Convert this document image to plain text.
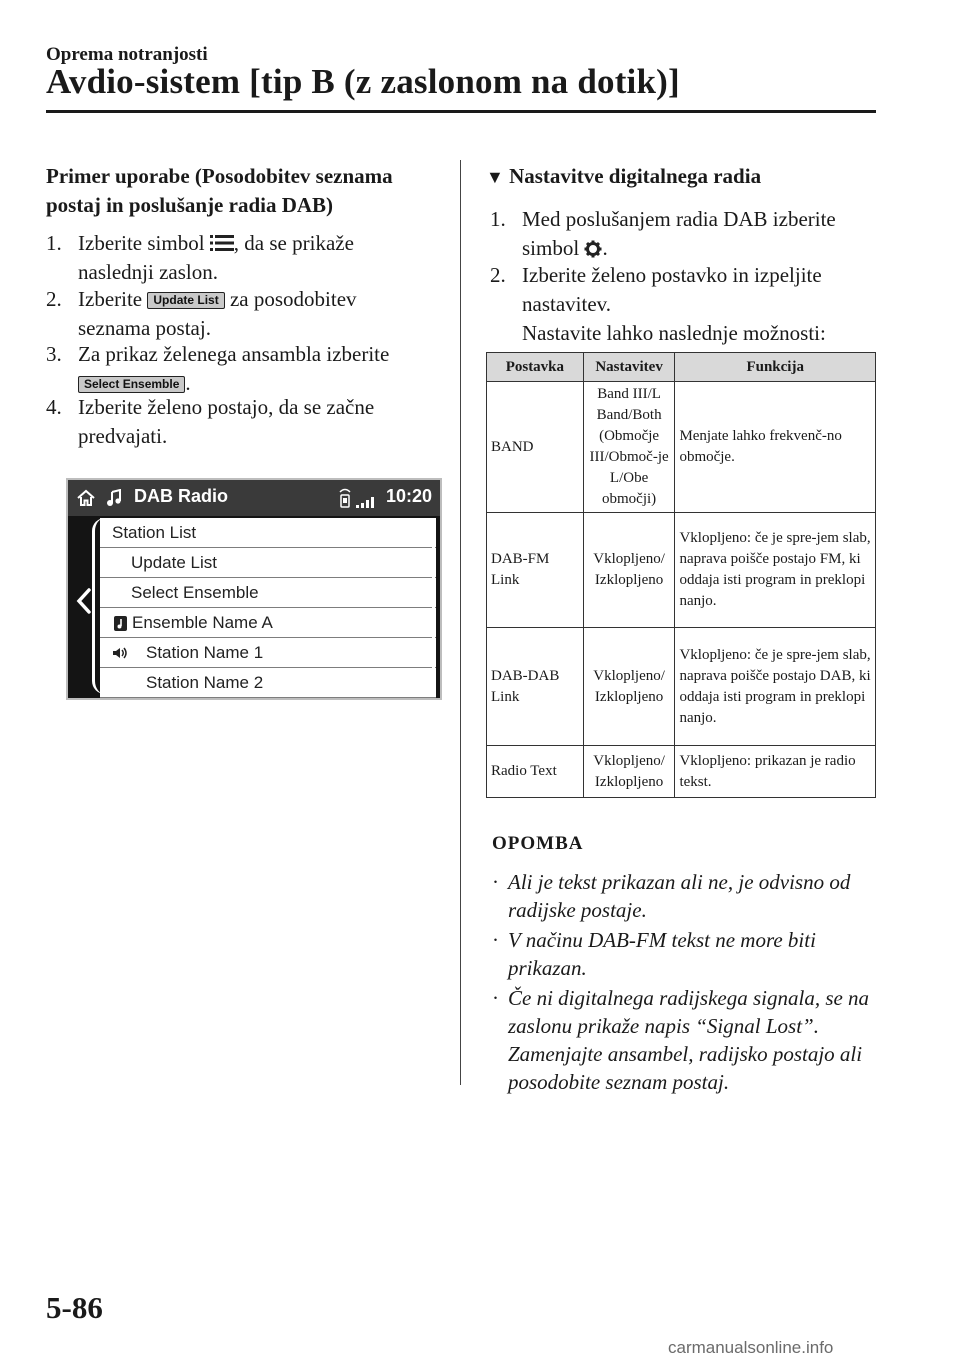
Oprema notranjosti
Avdio-sistem [tip B (z zaslonom na dotik)]
Primer uporabe (Posodobitev seznama
postaj in poslušanje radia DAB)
1. Izberite simbol , da se prikaže
naslednji zaslon.
2. Izberite Update List za posodobitev
seznama postaj.
3. Za prikaz želenega ansambla izberite
Select Ensemble .
4. Izberite želeno postajo, da se začne
predvajati.
DAB Radio	10:20
Station List
Update List
Select Ensemble
Ensemble Name A
Station Name 1
Station Name 2
▼ Nastavitve digitalnega radia
1. Med poslušanjem radia DAB izberite
simbol .
2. Izberite želeno postavko in izpeljite
nastavitev.
Nastavite lahko naslednje možnosti:
Postavka	Nastavitev	Funkcija
BAND	Band III/L Band/Both (Območje III/Območ-je L/Obe območji)	Menjate lahko frekvenč-no območje.
DAB-FM Link	Vklopljeno/ Izklopljeno	Vklopljeno: če je spre-jem slab, naprava poišče postajo FM, ki oddaja isti program in preklopi nanjo.
DAB-DAB Link	Vklopljeno/ Izklopljeno	Vklopljeno: če je spre-jem slab, naprava poišče postajo DAB, ki oddaja isti program in preklopi nanjo.
Radio Text	Vklopljeno/ Izklopljeno	Vklopljeno: prikazan je radio tekst.
OPOMBA
· Ali je tekst prikazan ali ne, je odvisno od radijske postaje.
· V načinu DAB-FM tekst ne more biti prikazan.
· Če ni digitalnega radijskega signala, se na zaslonu prikaže napis “Signal Lost”. Zamenjajte ansambel, radijsko postajo ali posodobite seznam postaj.
5-86
carmanualsonline.info
